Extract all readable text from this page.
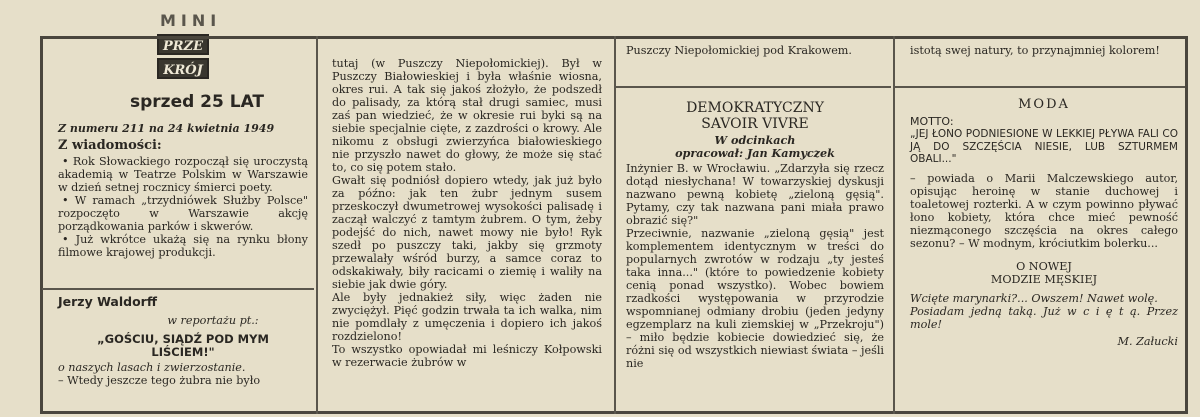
MINI
PRZE
KRÓJ
sprzed 25 LAT

Z numeru 211 na 24 kwietnia 1949

Z wiadomości:

• Rok Słowackiego rozpoczął się uroczystą akademią w Teatrze Polskim w Warszawie w dzień setnej rocznicy śmierci poety.

• W ramach „trzydniówek Służby Polsce" rozpoczęto w Warszawie akcję porządkowania parków i skwerów.

• Już wkrótce ukażą się na rynku błony filmowe krajowej produkcji.

Jerzy Waldorff

w reportażu pt.:

„GOŚCIU, SIĄDŹ POD MYM LIŚCIEM!"

o naszych lasach i zwierzostanie.

– Wtedy jeszcze tego żubra nie było

tutaj (w Puszczy Niepołomickiej). Był w Puszczy Białowieskiej i była właśnie wiosna, okres rui. A tak się jakoś złożyło, że podszedł do palisady, za którą stał drugi samiec, musi zaś pan wiedzieć, że w okresie rui byki są na siebie specjalnie cięte, z zazdrości o krowy. Ale nikomu z obsługi zwierzyńca białowieskiego nie przyszło nawet do głowy, że może się stać to, co się potem stało.
Gwałt się podniósł dopiero wtedy, jak już było za późno: jak ten żubr jednym susem przeskoczył dwumetrowej wysokości palisadę i zaczął walczyć z tamtym żubrem. O tym, żeby podejść do nich, nawet mowy nie było! Ryk szedł po puszczy taki, jakby się grzmoty przewalały wśród burzy, a samce coraz to odskakiwały, biły racicami o ziemię i waliły na siebie jak dwie góry.
Ale były jednakież siły, więc żaden nie zwyciężył. Pięć godzin trwała ta ich walka, nim nie pomdlały z umęczenia i dopiero ich jakoś rozdzielono!
To wszystko opowiadał mi leśniczy Kołpowski w rezerwacie żubrów w

Puszczy Niepołomickiej pod Krakowem.

DEMOKRATYCZNY SAVOIR VIVRE

W odcinkach

opracował: Jan Kamyczek

Inżynier B. w Wrocławiu. „Zdarzyła się rzecz dotąd niesłychana! W towarzyskiej dyskusji nazwano pewną kobietę „zieloną gęsią". Pytamy, czy tak nazwana pani miała prawo obrazić się?"
Przeciwnie, nazwanie „zieloną gęsią" jest komplementem identycznym w treści do popularnych zwrotów w rodzaju „ty jesteś taka inna..." (które to powiedzenie kobiety cenią ponad wszystko). Wobec bowiem rzadkości występowania w przyrodzie wspomnianej odmiany drobiu (jeden jedyny egzemplarz na kuli ziemskiej w „Przekroju") – miło będzie kobiecie dowiedzieć się, że różni się od wszystkich niewiast świata – jeśli nie

istotą swej natury, to przynajmniej kolorem!

MODA

MOTTO:

„JEJ ŁONO PODNIESIONE W LEKKIEJ PŁYWA FALI CO JĄ DO SZCZĘŚCIA NIESIE, LUB SZTURMEM OBALI..."

– powiada o Marii Malczewskiego autor, opisując heroinę w stanie duchowej i toaletowej rozterki. A w czym powinno pływać łono kobiety, która chce mieć pewność niezmąconego szczęścia na okres całego sezonu? – W modnym, króciutkim bolerku...

O NOWEJ

MODZIE MĘSKIEJ

Wcięte marynarki?... Owszem! Nawet wolę.

Posiadam jedną taką. Już w c i ę t ą. Przez mole!

M. Załucki
